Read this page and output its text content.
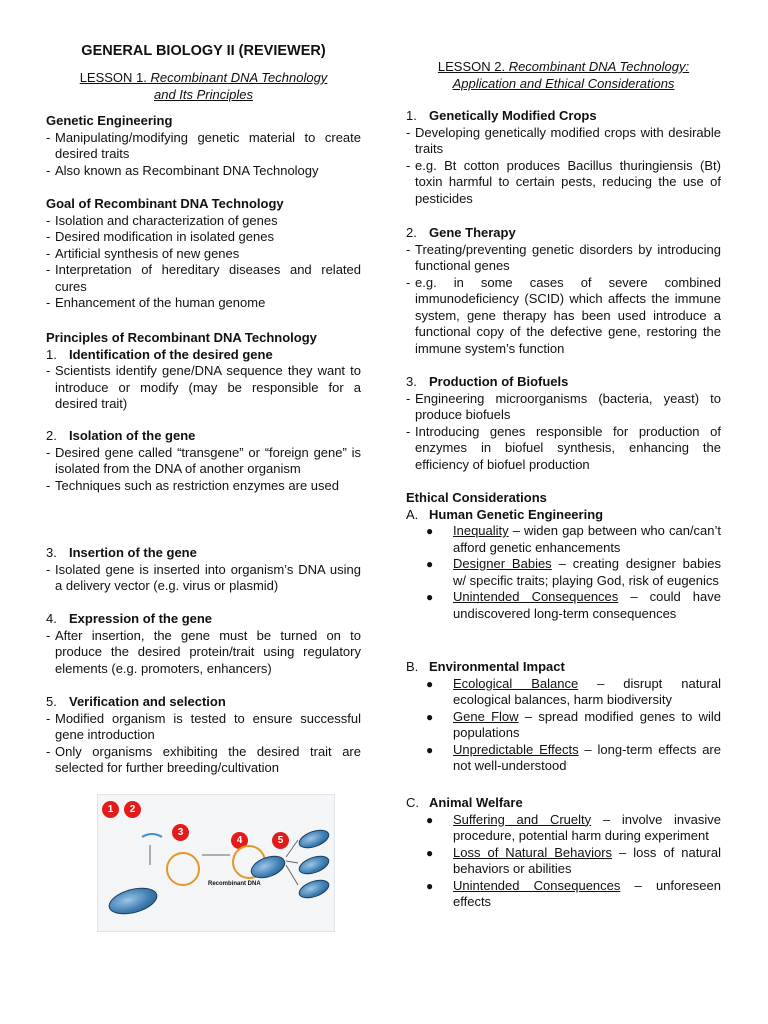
GENERAL BIOLOGY II (REVIEWER)
LESSON 1. Recombinant DNA Technology
and Its Principles
Genetic Engineering
- Manipulating/modifying genetic material to create desired traits
- Also known as Recombinant DNA Technology
Goal of Recombinant DNA Technology
- Isolation and characterization of genes
- Desired modification in isolated genes
- Artificial synthesis of new genes
- Interpretation of hereditary diseases and related cures
- Enhancement of the human genome
Principles of Recombinant DNA Technology
1. Identification of the desired gene
- Scientists identify gene/DNA sequence they want to introduce or modify (may be responsible for a desired trait)
2. Isolation of the gene
- Desired gene called “transgene” or “foreign gene” is isolated from the DNA of another organism
- Techniques such as restriction enzymes are used
3. Insertion of the gene
- Isolated gene is inserted into organism’s DNA using a delivery vector (e.g. virus or plasmid)
4. Expression of the gene
- After insertion, the gene must be turned on to produce the desired protein/trait using regulatory elements (e.g. promoters, enhancers)
5. Verification and selection
- Modified organism is tested to ensure successful gene introduction
- Only organisms exhibiting the desired trait are selected for further breeding/cultivation
1	2
3
4	5
Recombinant DNA
LESSON 2. Recombinant DNA Technology:
Application and Ethical Considerations
1. Genetically Modified Crops
- Developing genetically modified crops with desirable traits
- e.g. Bt cotton produces Bacillus thuringiensis (Bt) toxin harmful to certain pests, reducing the use of pesticides
2. Gene Therapy
- Treating/preventing genetic disorders by introducing functional genes
- e.g. in some cases of severe combined immunodeficiency (SCID) which affects the immune system, gene therapy has been used introduce a functional copy of the defective gene, restoring the immune system’s function
3. Production of Biofuels
- Engineering microorganisms (bacteria, yeast) to produce biofuels
- Introducing genes responsible for production of enzymes in biofuel synthesis, enhancing the efficiency of biofuel production
Ethical Considerations
A. Human Genetic Engineering
●	Inequality – widen gap between who can/can’t afford genetic enhancements
●	Designer Babies – creating designer babies w/ specific traits; playing God, risk of eugenics
●	Unintended Consequences – could have undiscovered long-term consequences
B. Environmental Impact
●	Ecological Balance – disrupt natural ecological balances, harm biodiversity
●	Gene Flow – spread modified genes to wild populations
●	Unpredictable Effects – long-term effects are not well-understood
C. Animal Welfare
●	Suffering and Cruelty – involve invasive procedure, potential harm during experiment
●	Loss of Natural Behaviors – loss of natural behaviors or abilities
●	Unintended Consequences – unforeseen effects
